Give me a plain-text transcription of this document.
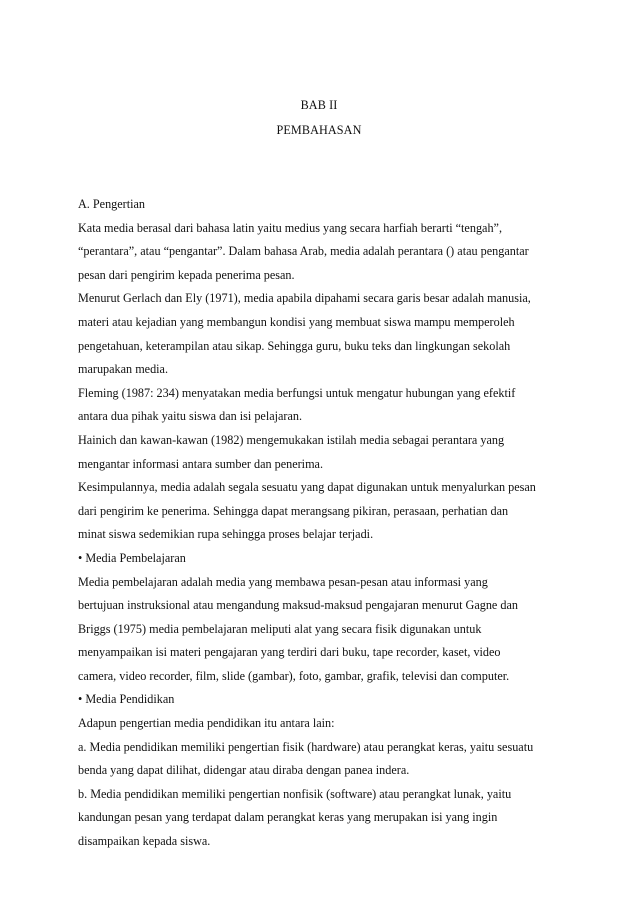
BAB II
PEMBAHASAN
A. Pengertian
Kata media berasal dari bahasa latin yaitu medius yang secara harfiah berarti “tengah”,
“perantara”, atau “pengantar”. Dalam bahasa Arab, media adalah perantara () atau pengantar
pesan dari pengirim kepada penerima pesan.
Menurut Gerlach dan Ely (1971), media apabila dipahami secara garis besar adalah manusia,
materi atau kejadian yang membangun kondisi yang membuat siswa mampu memperoleh
pengetahuan, keterampilan atau sikap. Sehingga guru, buku teks dan lingkungan sekolah
marupakan media.
Fleming (1987: 234) menyatakan media berfungsi untuk mengatur hubungan yang efektif
antara dua pihak yaitu siswa dan isi pelajaran.
Hainich dan kawan-kawan (1982) mengemukakan istilah media sebagai perantara yang
mengantar informasi antara sumber dan penerima.
Kesimpulannya, media adalah segala sesuatu yang dapat digunakan untuk menyalurkan pesan
dari pengirim ke penerima. Sehingga dapat merangsang pikiran, perasaan, perhatian dan
minat siswa sedemikian rupa sehingga proses belajar terjadi.
• Media Pembelajaran
Media pembelajaran adalah media yang membawa pesan-pesan atau informasi yang
bertujuan instruksional atau mengandung maksud-maksud pengajaran menurut Gagne dan
Briggs (1975) media pembelajaran meliputi alat yang secara fisik digunakan untuk
menyampaikan isi materi pengajaran yang terdiri dari buku, tape recorder, kaset, video
camera, video recorder, film, slide (gambar), foto, gambar, grafik, televisi dan computer.
• Media Pendidikan
Adapun pengertian media pendidikan itu antara lain:
a. Media pendidikan memiliki pengertian fisik (hardware) atau perangkat keras, yaitu sesuatu
benda yang dapat dilihat, didengar atau diraba dengan panea indera.
b. Media pendidikan memiliki pengertian nonfisik (software) atau perangkat lunak, yaitu
kandungan pesan yang terdapat dalam perangkat keras yang merupakan isi yang ingin
disampaikan kepada siswa.
